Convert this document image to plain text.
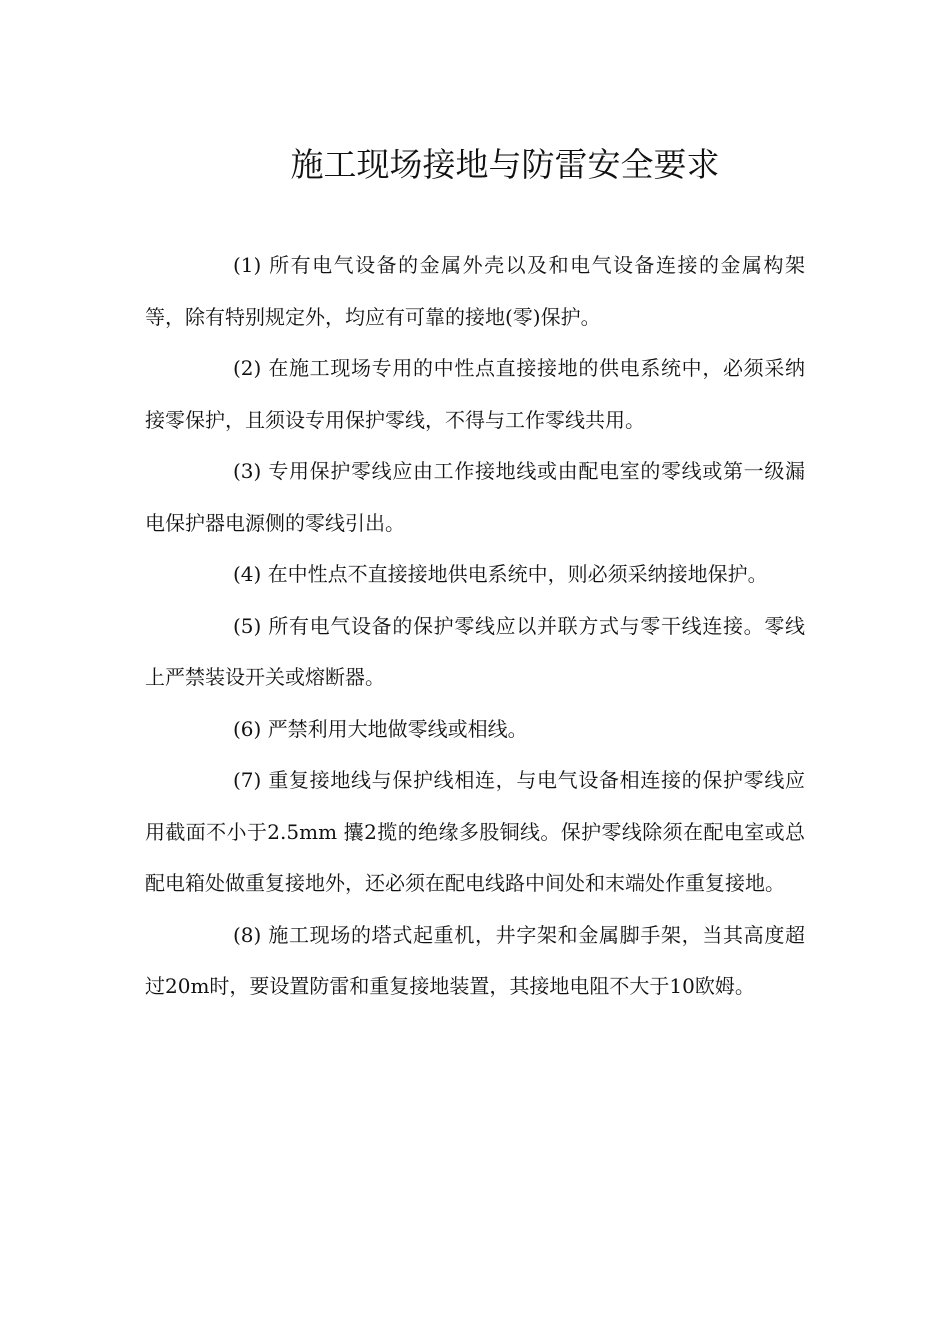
施工现场接地与防雷安全要求

(1) 所有电气设备的金属外壳以及和电气设备连接的金属构架等，除有特别规定外，均应有可靠的接地(零)保护。

(2) 在施工现场专用的中性点直接接地的供电系统中，必须采纳接零保护，且须设专用保护零线，不得与工作零线共用。

(3) 专用保护零线应由工作接地线或由配电室的零线或第一级漏电保护器电源侧的零线引出。

(4) 在中性点不直接接地供电系统中，则必须采纳接地保护。

(5) 所有电气设备的保护零线应以并联方式与零干线连接。零线上严禁装设开关或熔断器。

(6) 严禁利用大地做零线或相线。

(7) 重复接地线与保护线相连，与电气设备相连接的保护零线应用截面不小于2.5mm 攮2揽的绝缘多股铜线。保护零线除须在配电室或总配电箱处做重复接地外，还必须在配电线路中间处和末端处作重复接地。

(8) 施工现场的塔式起重机，井字架和金属脚手架，当其高度超过20m时，要设置防雷和重复接地装置，其接地电阻不大于10欧姆。
